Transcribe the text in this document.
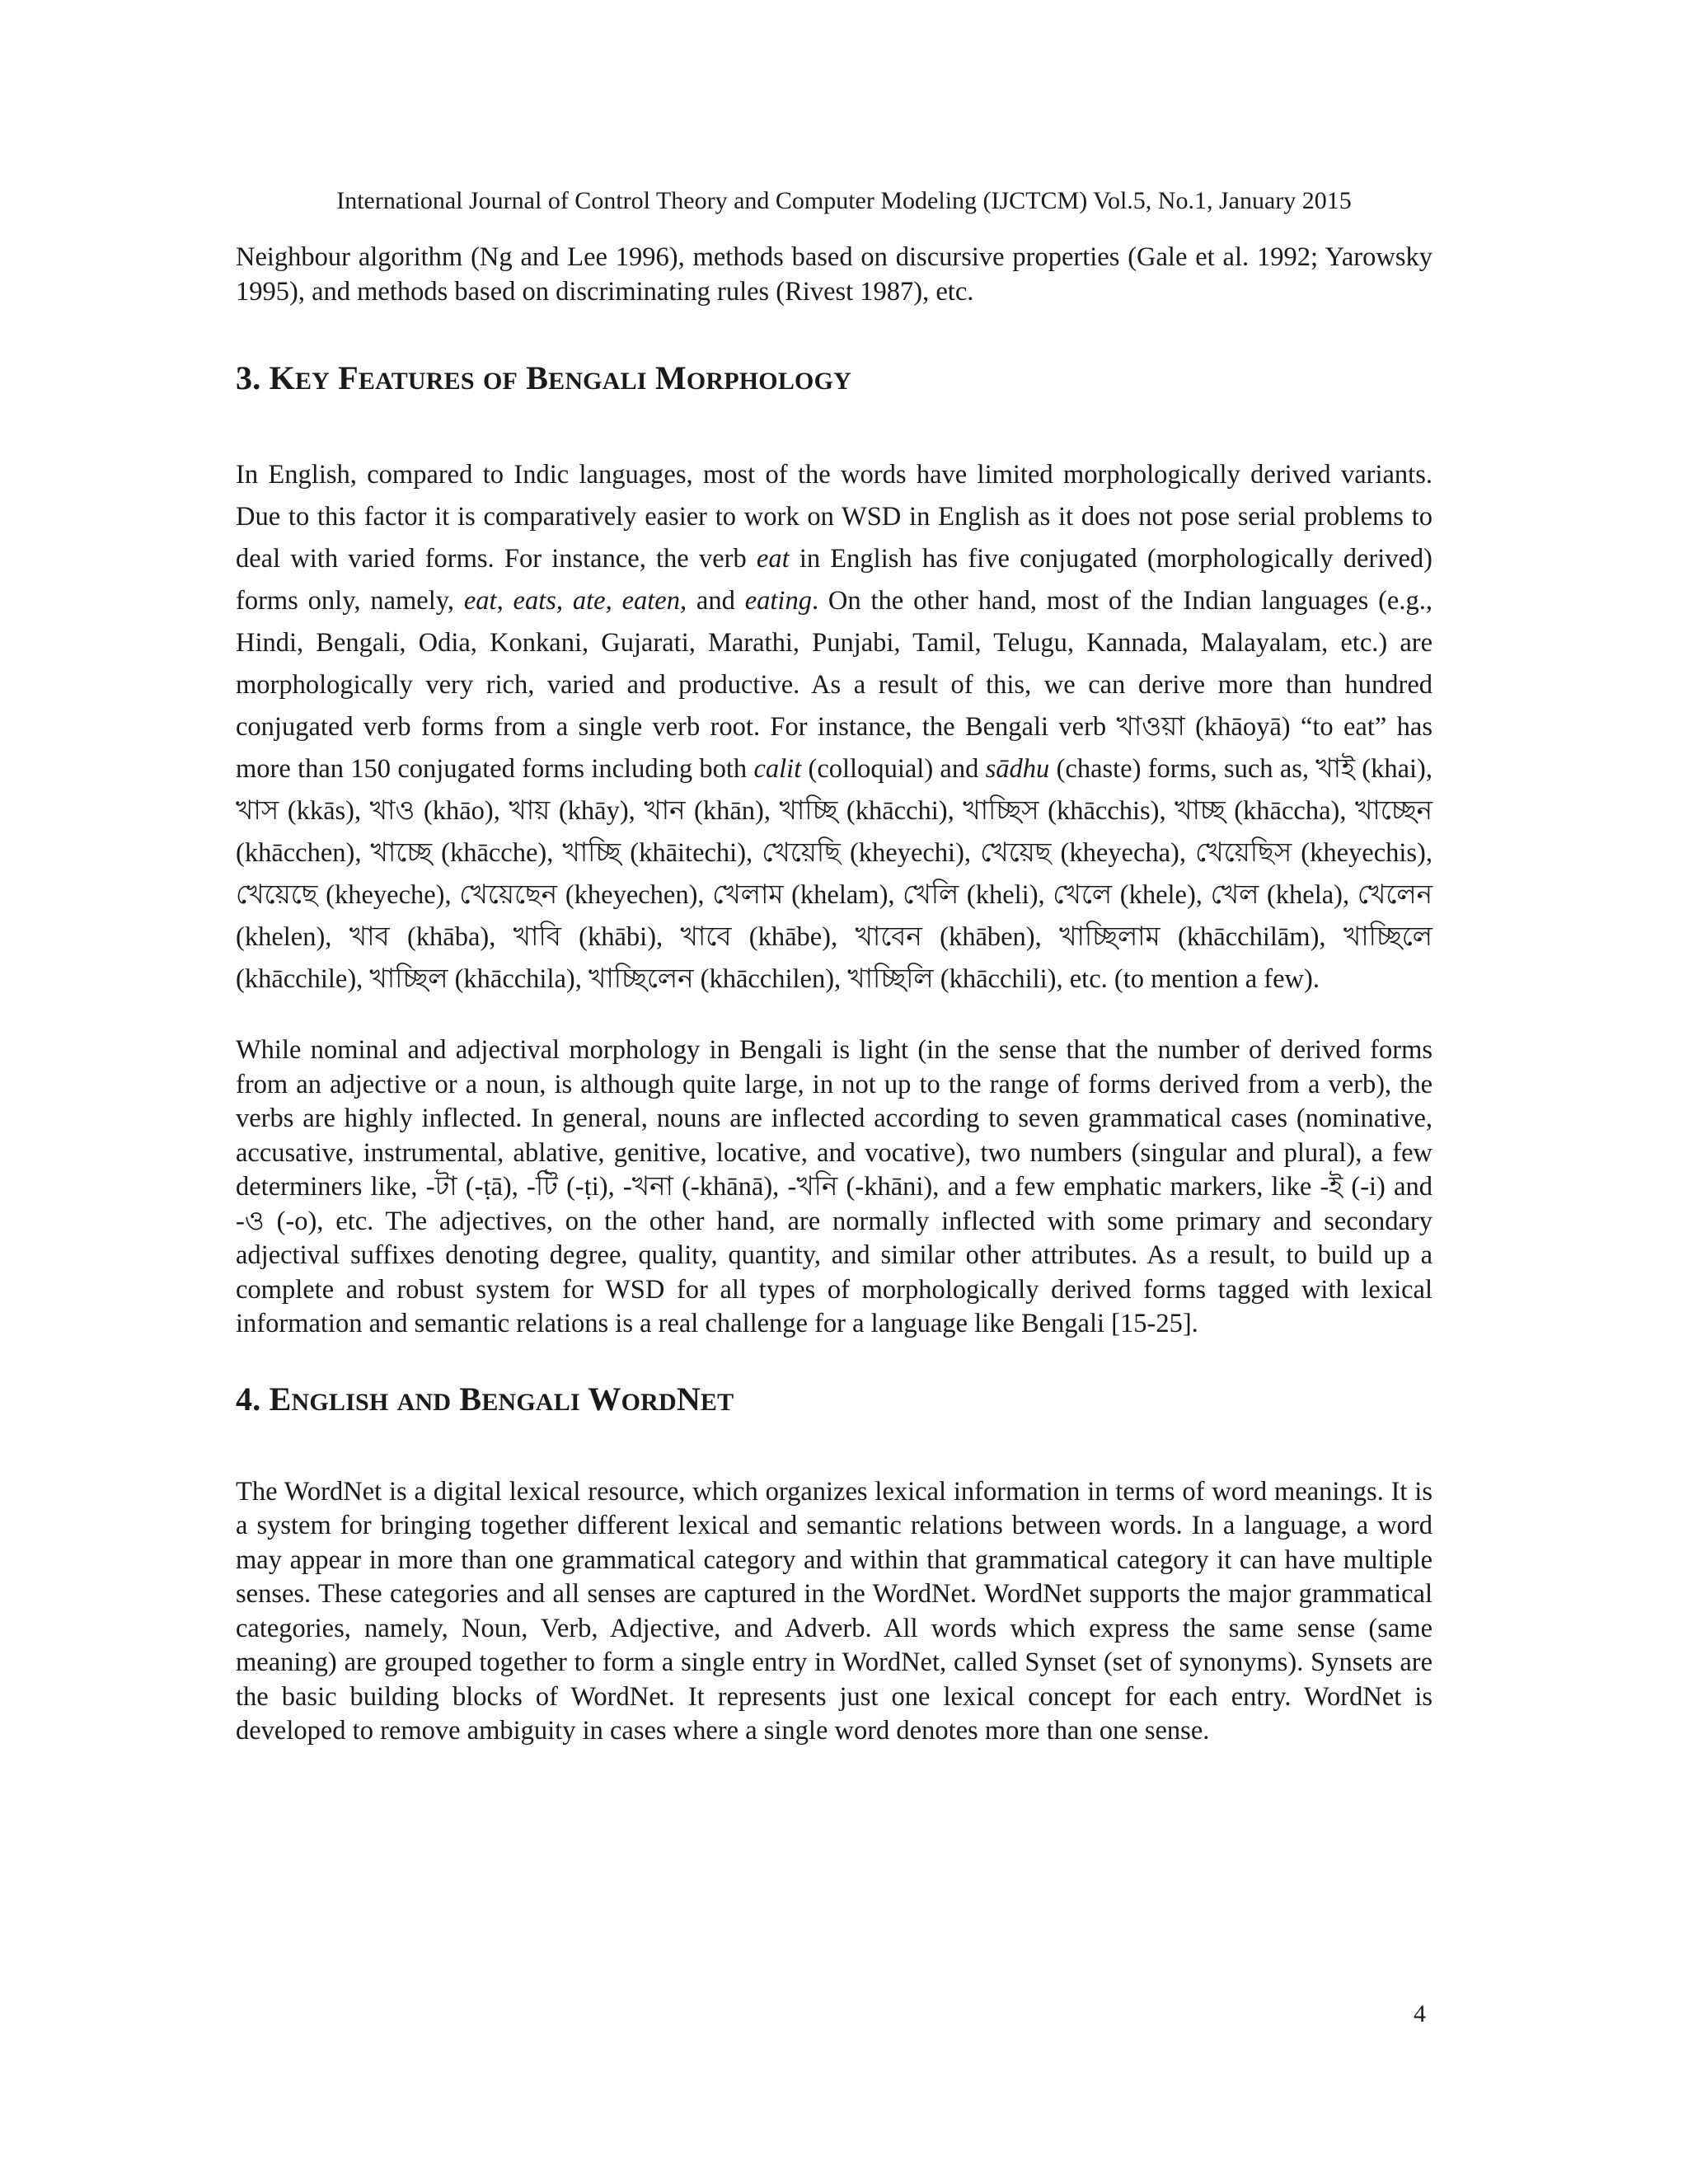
International Journal of Control Theory and Computer Modeling (IJCTCM) Vol.5, No.1, January 2015

Neighbour algorithm (Ng and Lee 1996), methods based on discursive properties (Gale et al. 1992; Yarowsky 1995), and methods based on discriminating rules (Rivest 1987), etc.

3. KEY FEATURES OF BENGALI MORPHOLOGY

In English, compared to Indic languages, most of the words have limited morphologically derived variants. Due to this factor it is comparatively easier to work on WSD in English as it does not pose serial problems to deal with varied forms. For instance, the verb eat in English has five conjugated (morphologically derived) forms only, namely, eat, eats, ate, eaten, and eating. On the other hand, most of the Indian languages (e.g., Hindi, Bengali, Odia, Konkani, Gujarati, Marathi, Punjabi, Tamil, Telugu, Kannada, Malayalam, etc.) are morphologically very rich, varied and productive. As a result of this, we can derive more than hundred conjugated verb forms from a single verb root. For instance, the Bengali verb খাওয়া (khāoyā) “to eat” has more than 150 conjugated forms including both calit (colloquial) and sādhu (chaste) forms, such as, খাই (khai), খাস (kkās), খাও (khāo), খায় (khāy), খান (khān), খাচ্ছি (khācchi), খাচ্ছিস (khācchis), খাচ্ছ (khāccha), খাচ্ছেন (khācchen), খাচ্ছে (khācche), খাচ্ছি (khāitechi), খেয়েছি (kheyechi), খেয়েছ (kheyecha), খেয়েছিস (kheyechis), খেয়েছে (kheyeche), খেয়েছেন (kheyechen), খেলাম (khelam), খেলি (kheli), খেলে (khele), খেল (khela), খেলেন (khelen), খাব (khāba), খাবি (khābi), খাবে (khābe), খাবেন (khāben), খাচ্ছিলাম (khācchilām), খাচ্ছিলে (khācchile), খাচ্ছিল (khācchila), খাচ্ছিলেন (khācchilen), খাচ্ছিলি (khācchili), etc. (to mention a few).

While nominal and adjectival morphology in Bengali is light (in the sense that the number of derived forms from an adjective or a noun, is although quite large, in not up to the range of forms derived from a verb), the verbs are highly inflected. In general, nouns are inflected according to seven grammatical cases (nominative, accusative, instrumental, ablative, genitive, locative, and vocative), two numbers (singular and plural), a few determiners like, -টা (-ṭā), -টি (-ṭi), -খনা (-khānā), -খনি (-khāni), and a few emphatic markers, like -ই (-i) and -ও (-o), etc. The adjectives, on the other hand, are normally inflected with some primary and secondary adjectival suffixes denoting degree, quality, quantity, and similar other attributes. As a result, to build up a complete and robust system for WSD for all types of morphologically derived forms tagged with lexical information and semantic relations is a real challenge for a language like Bengali [15-25].

4. ENGLISH AND BENGALI WORDNET

The WordNet is a digital lexical resource, which organizes lexical information in terms of word meanings. It is a system for bringing together different lexical and semantic relations between words. In a language, a word may appear in more than one grammatical category and within that grammatical category it can have multiple senses. These categories and all senses are captured in the WordNet. WordNet supports the major grammatical categories, namely, Noun, Verb, Adjective, and Adverb. All words which express the same sense (same meaning) are grouped together to form a single entry in WordNet, called Synset (set of synonyms). Synsets are the basic building blocks of WordNet. It represents just one lexical concept for each entry. WordNet is developed to remove ambiguity in cases where a single word denotes more than one sense.

4
